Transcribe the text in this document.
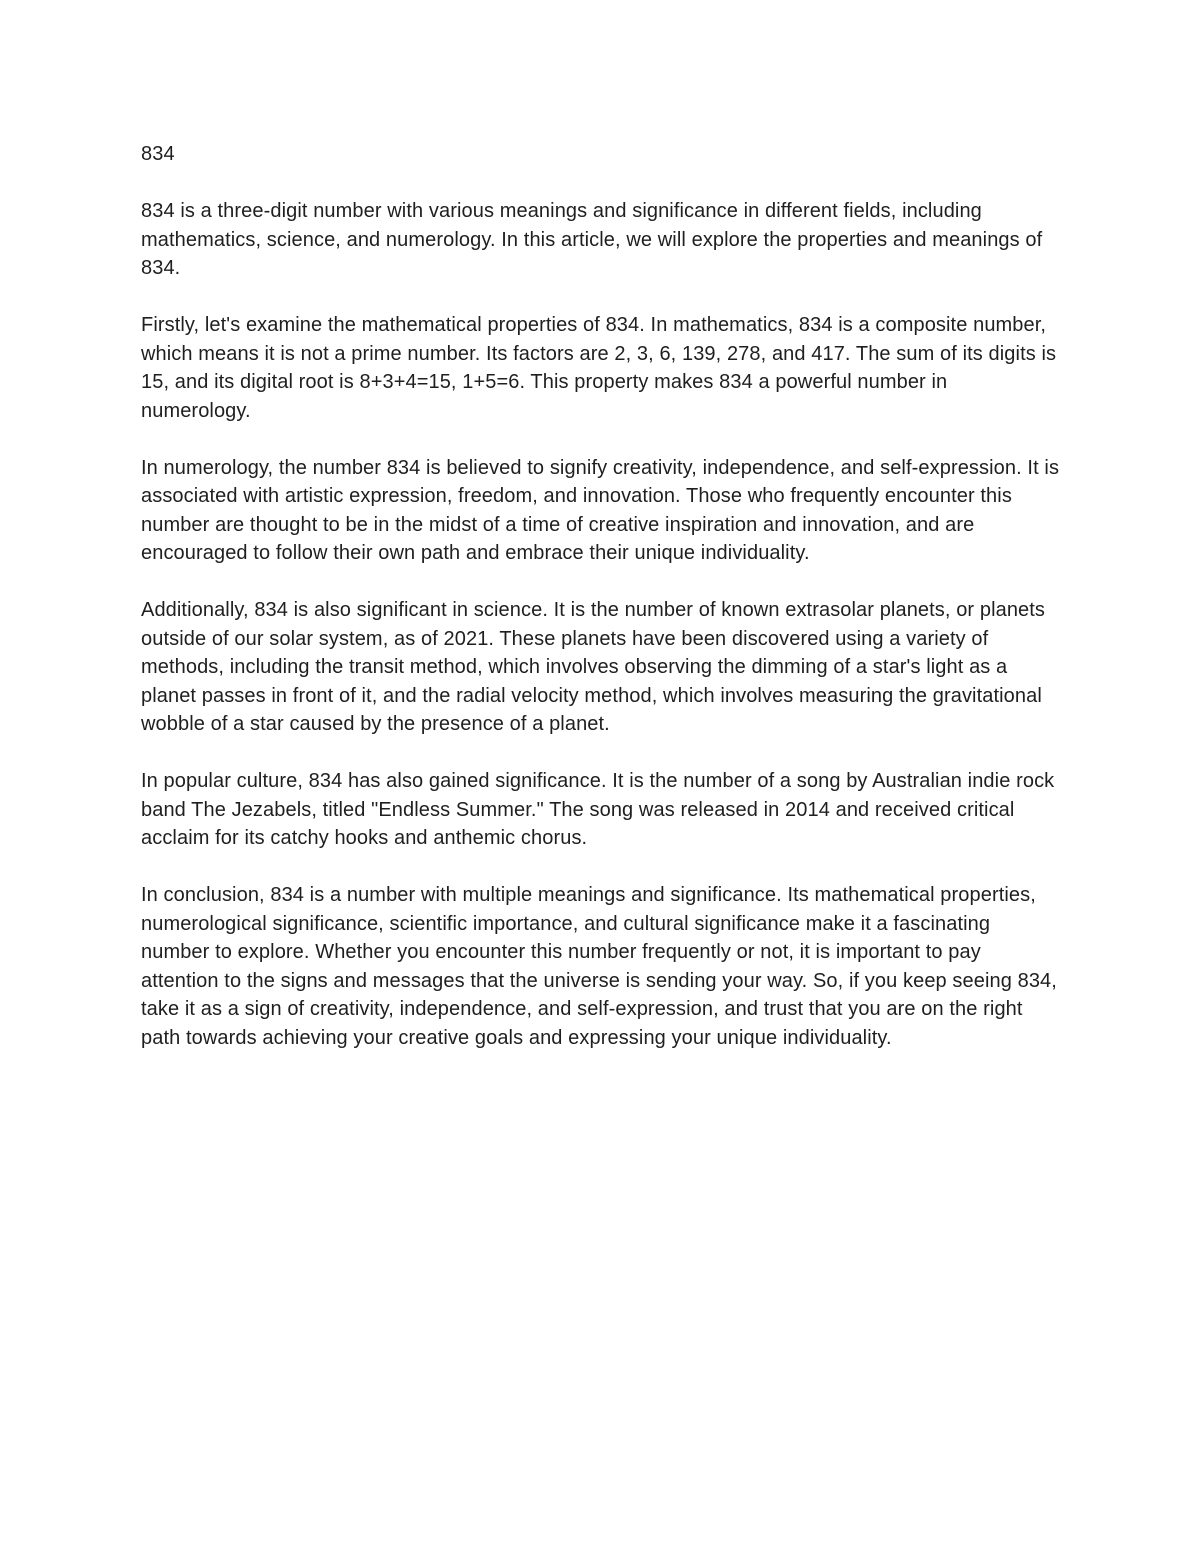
834

834 is a three-digit number with various meanings and significance in different fields, including mathematics, science, and numerology. In this article, we will explore the properties and meanings of 834.

Firstly, let's examine the mathematical properties of 834. In mathematics, 834 is a composite number, which means it is not a prime number. Its factors are 2, 3, 6, 139, 278, and 417. The sum of its digits is 15, and its digital root is 8+3+4=15, 1+5=6. This property makes 834 a powerful number in numerology.

In numerology, the number 834 is believed to signify creativity, independence, and self-expression. It is associated with artistic expression, freedom, and innovation. Those who frequently encounter this number are thought to be in the midst of a time of creative inspiration and innovation, and are encouraged to follow their own path and embrace their unique individuality.

Additionally, 834 is also significant in science. It is the number of known extrasolar planets, or planets outside of our solar system, as of 2021. These planets have been discovered using a variety of methods, including the transit method, which involves observing the dimming of a star's light as a planet passes in front of it, and the radial velocity method, which involves measuring the gravitational wobble of a star caused by the presence of a planet.

In popular culture, 834 has also gained significance. It is the number of a song by Australian indie rock band The Jezabels, titled "Endless Summer." The song was released in 2014 and received critical acclaim for its catchy hooks and anthemic chorus.

In conclusion, 834 is a number with multiple meanings and significance. Its mathematical properties, numerological significance, scientific importance, and cultural significance make it a fascinating number to explore. Whether you encounter this number frequently or not, it is important to pay attention to the signs and messages that the universe is sending your way. So, if you keep seeing 834, take it as a sign of creativity, independence, and self-expression, and trust that you are on the right path towards achieving your creative goals and expressing your unique individuality.
